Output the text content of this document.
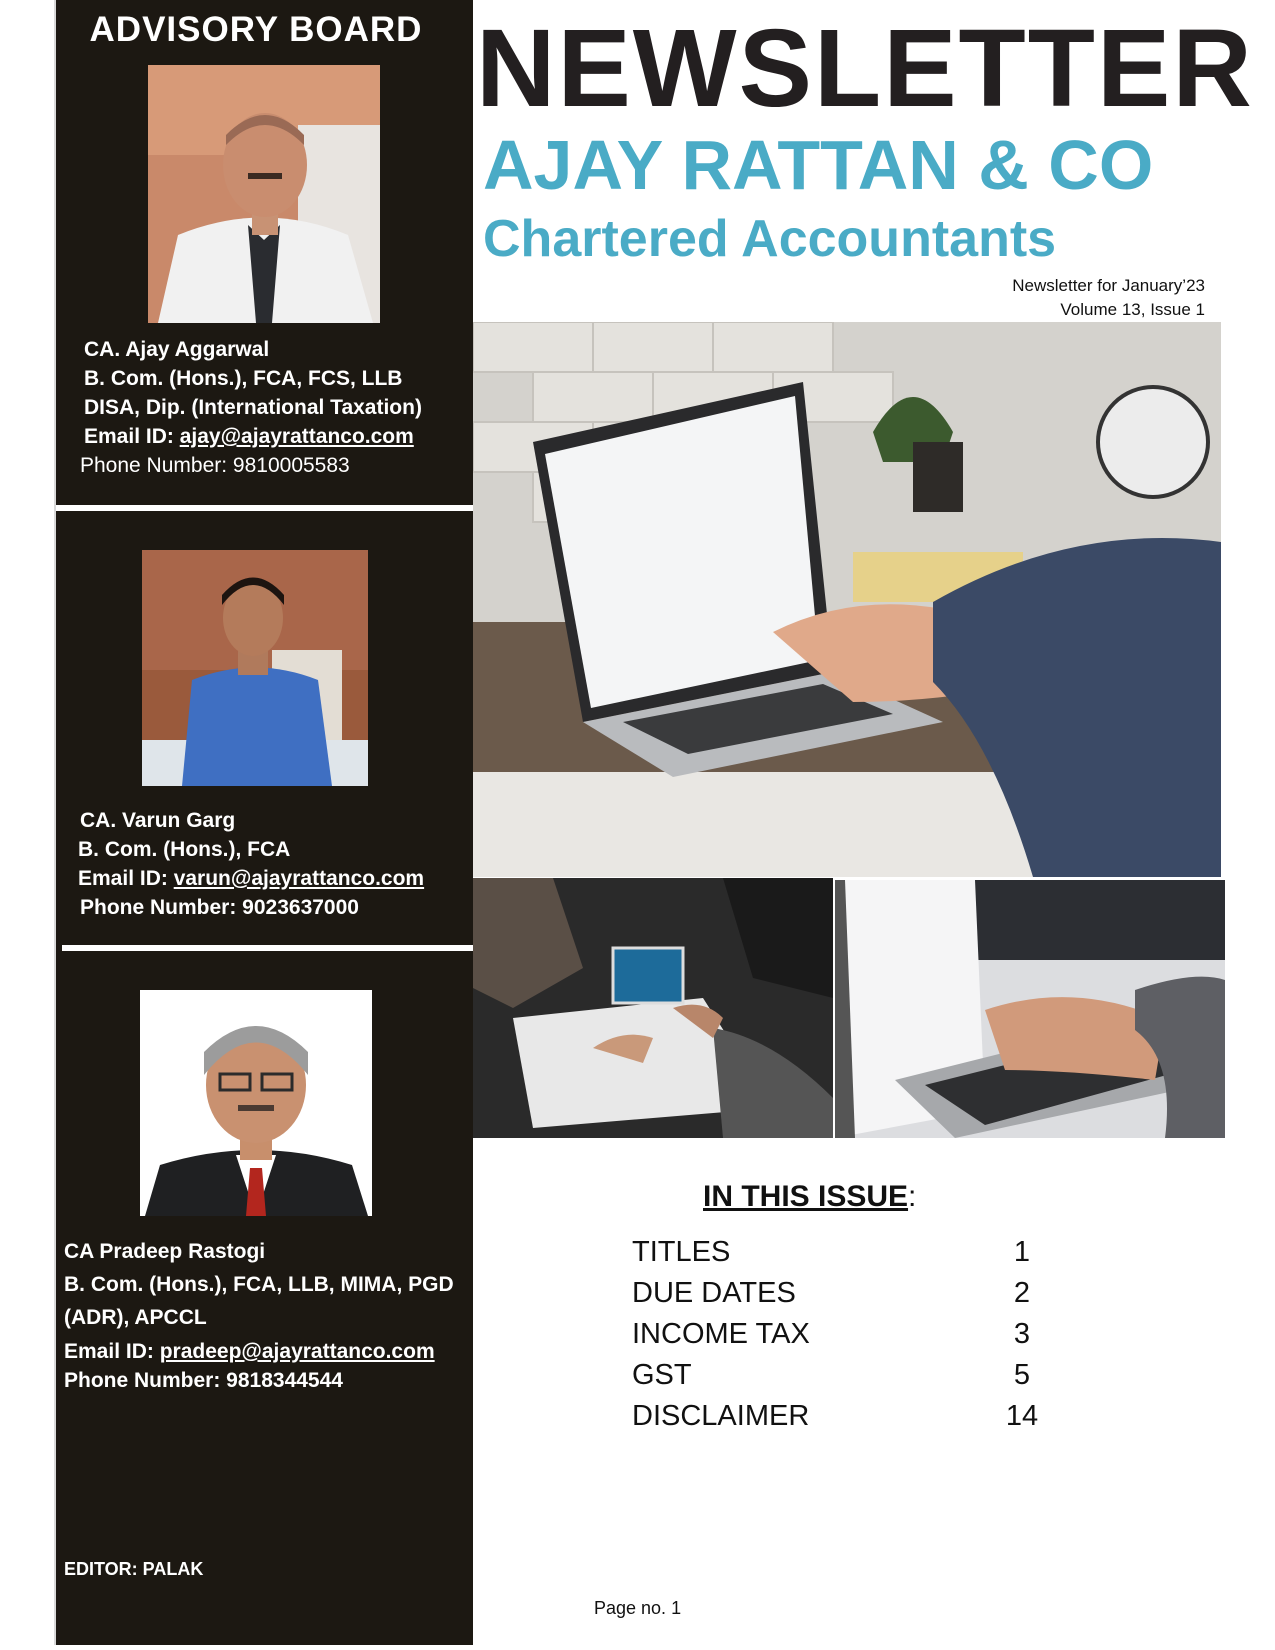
ADVISORY BOARD
CA. Ajay Aggarwal
B. Com. (Hons.), FCA, FCS, LLB
DISA, Dip. (International Taxation)
Email ID: ajay@ajayrattanco.com
Phone Number: 9810005583
CA. Varun Garg
B. Com. (Hons.), FCA
Email ID: varun@ajayrattanco.com
Phone Number: 9023637000
CA Pradeep Rastogi
B. Com. (Hons.), FCA, LLB, MIMA, PGD
(ADR), APCCL
Email ID: pradeep@ajayrattanco.com
Phone Number: 9818344544
EDITOR: PALAK
NEWSLETTER
AJAY RATTAN & CO
Chartered Accountants
Newsletter for January’23
Volume 13, Issue 1
IN THIS ISSUE:
TITLES	1
DUE DATES	2
INCOME TAX	3
GST	5
DISCLAIMER	14
Page no. 1
